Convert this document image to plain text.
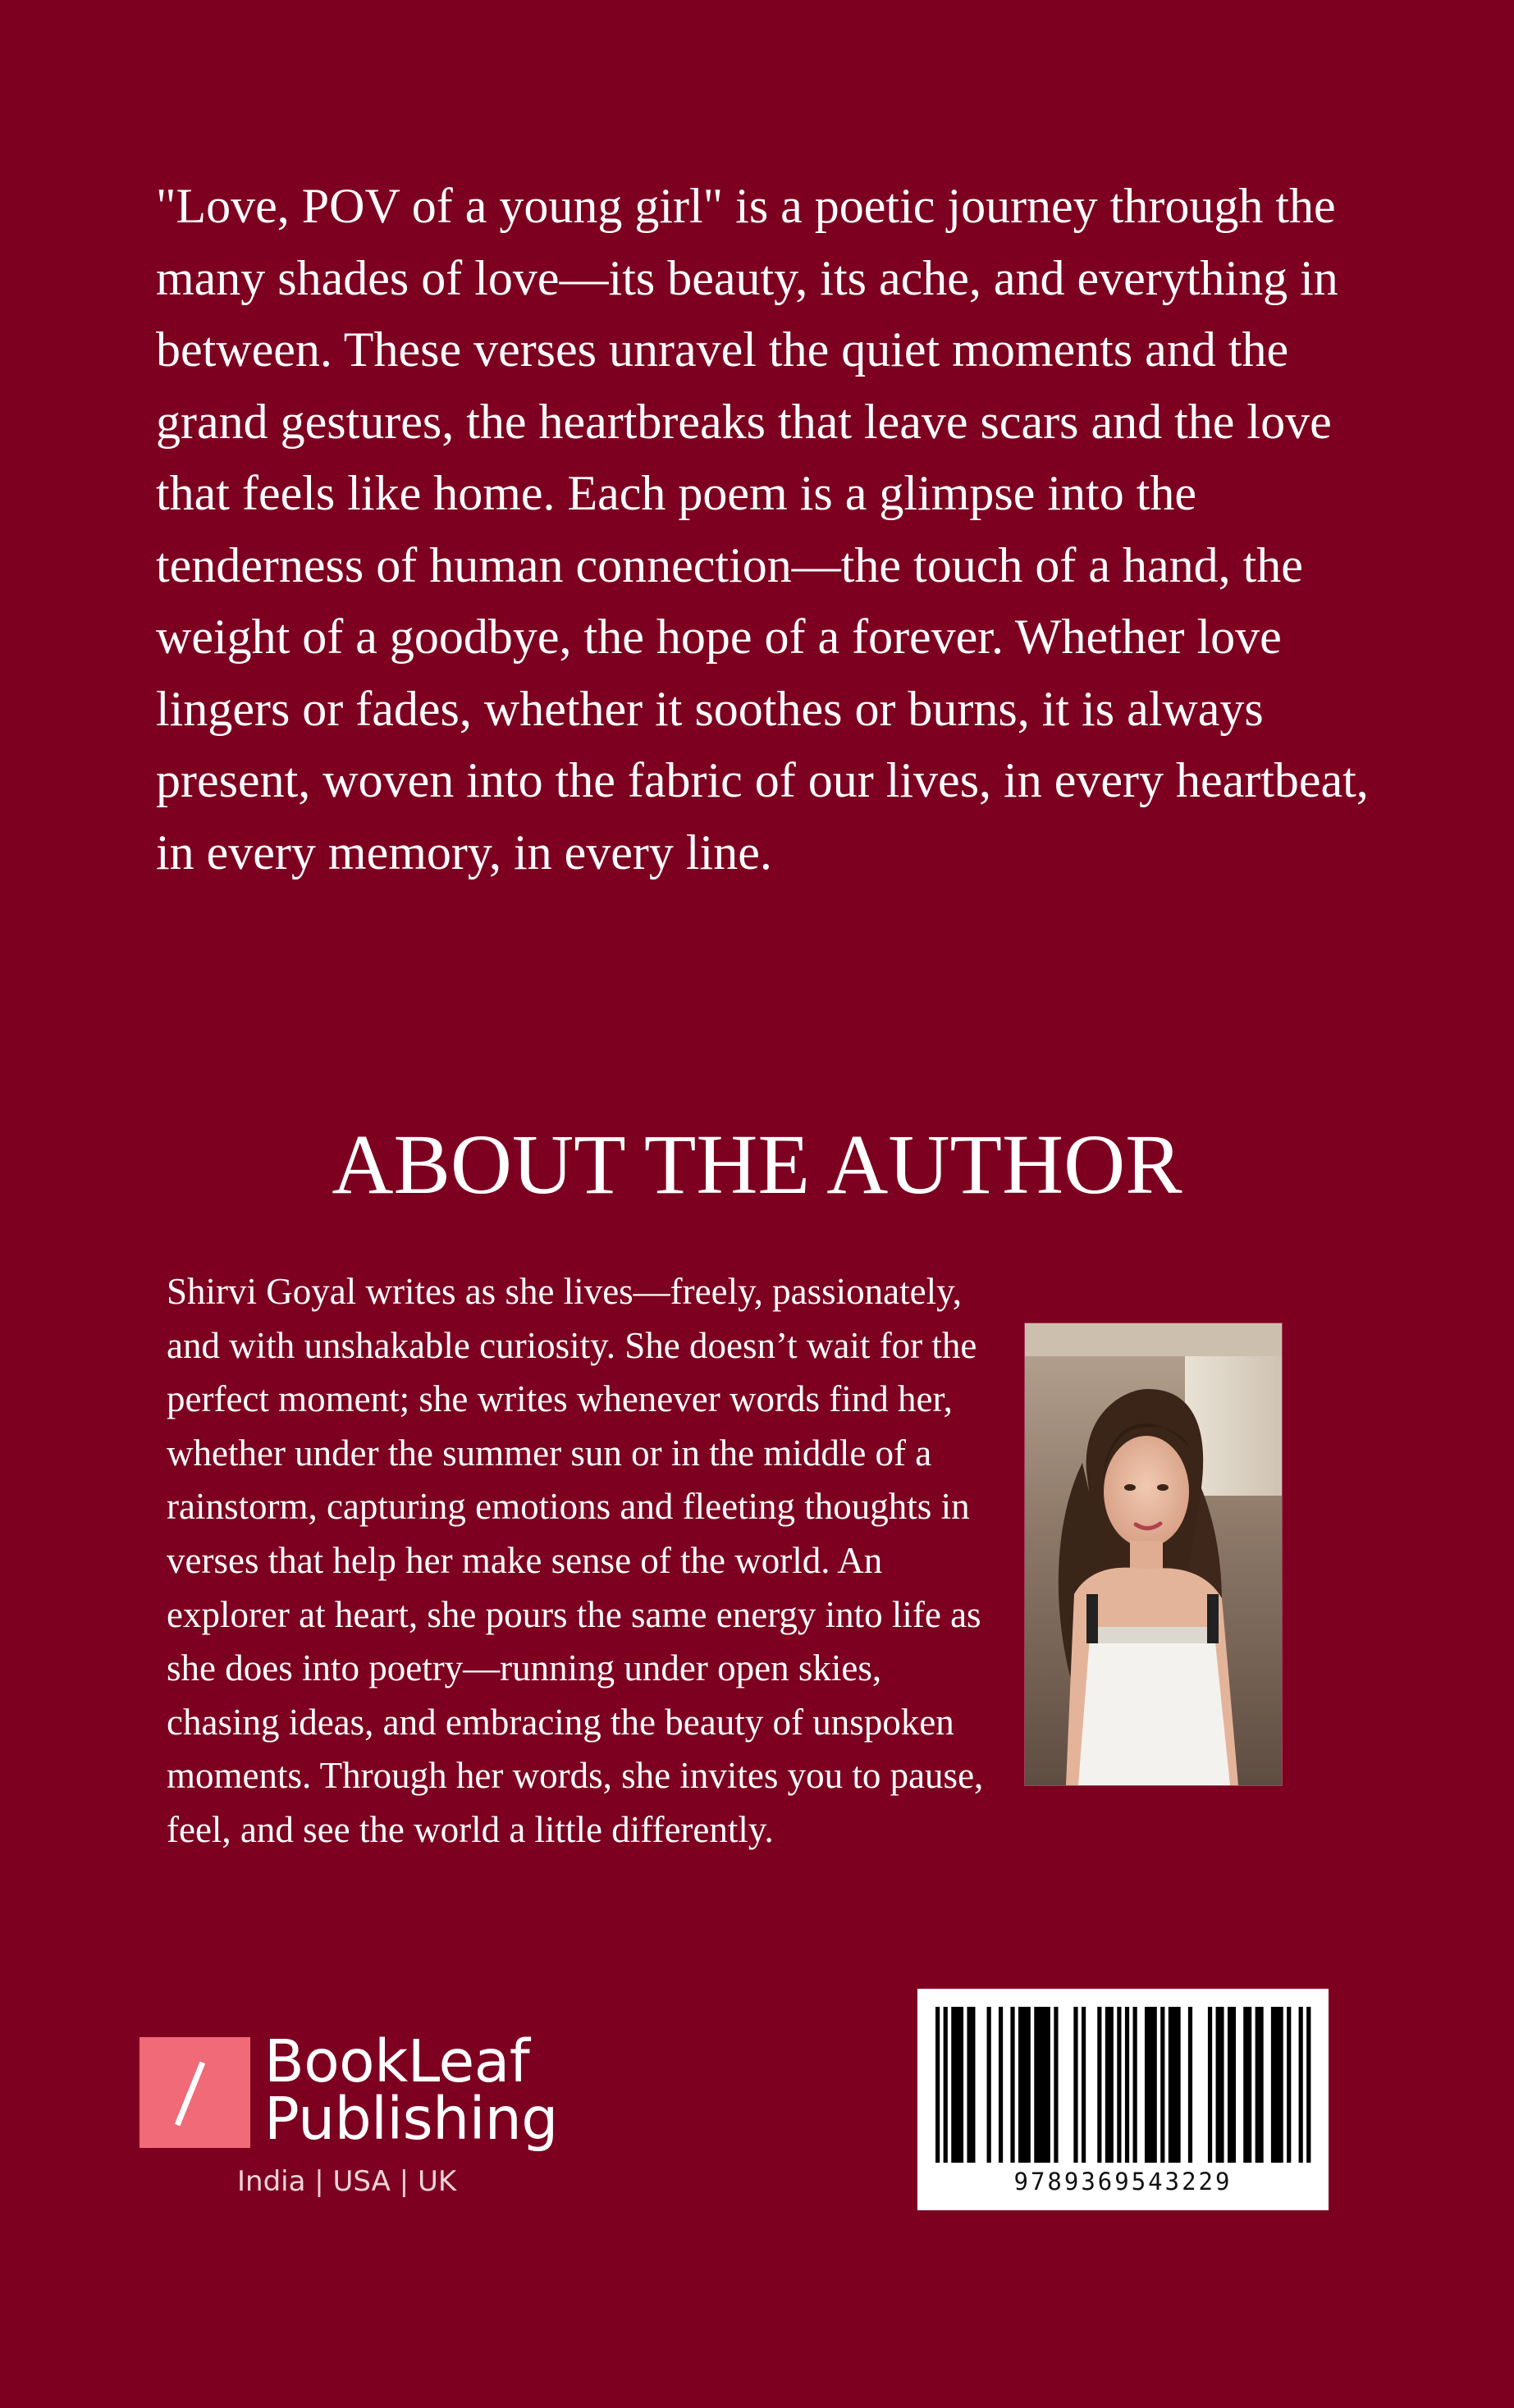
"Love, POV of a young girl" is a poetic journey through the many shades of love—its beauty, its ache, and everything in between. These verses unravel the quiet moments and the grand gestures, the heartbreaks that leave scars and the love that feels like home. Each poem is a glimpse into the tenderness of human connection—the touch of a hand, the weight of a goodbye, the hope of a forever. Whether love lingers or fades, whether it soothes or burns, it is always present, woven into the fabric of our lives, in every heartbeat, in every memory, in every line.

ABOUT THE AUTHOR

Shirvi Goyal writes as she lives—freely, passionately, and with unshakable curiosity. She doesn’t wait for the perfect moment; she writes whenever words find her, whether under the summer sun or in the middle of a rainstorm, capturing emotions and fleeting thoughts in verses that help her make sense of the world. An explorer at heart, she pours the same energy into life as she does into poetry—running under open skies, chasing ideas, and embracing the beauty of unspoken moments. Through her words, she invites you to pause, feel, and see the world a little differently.

BookLeaf
Publishing
India | USA | UK	9789369543229
